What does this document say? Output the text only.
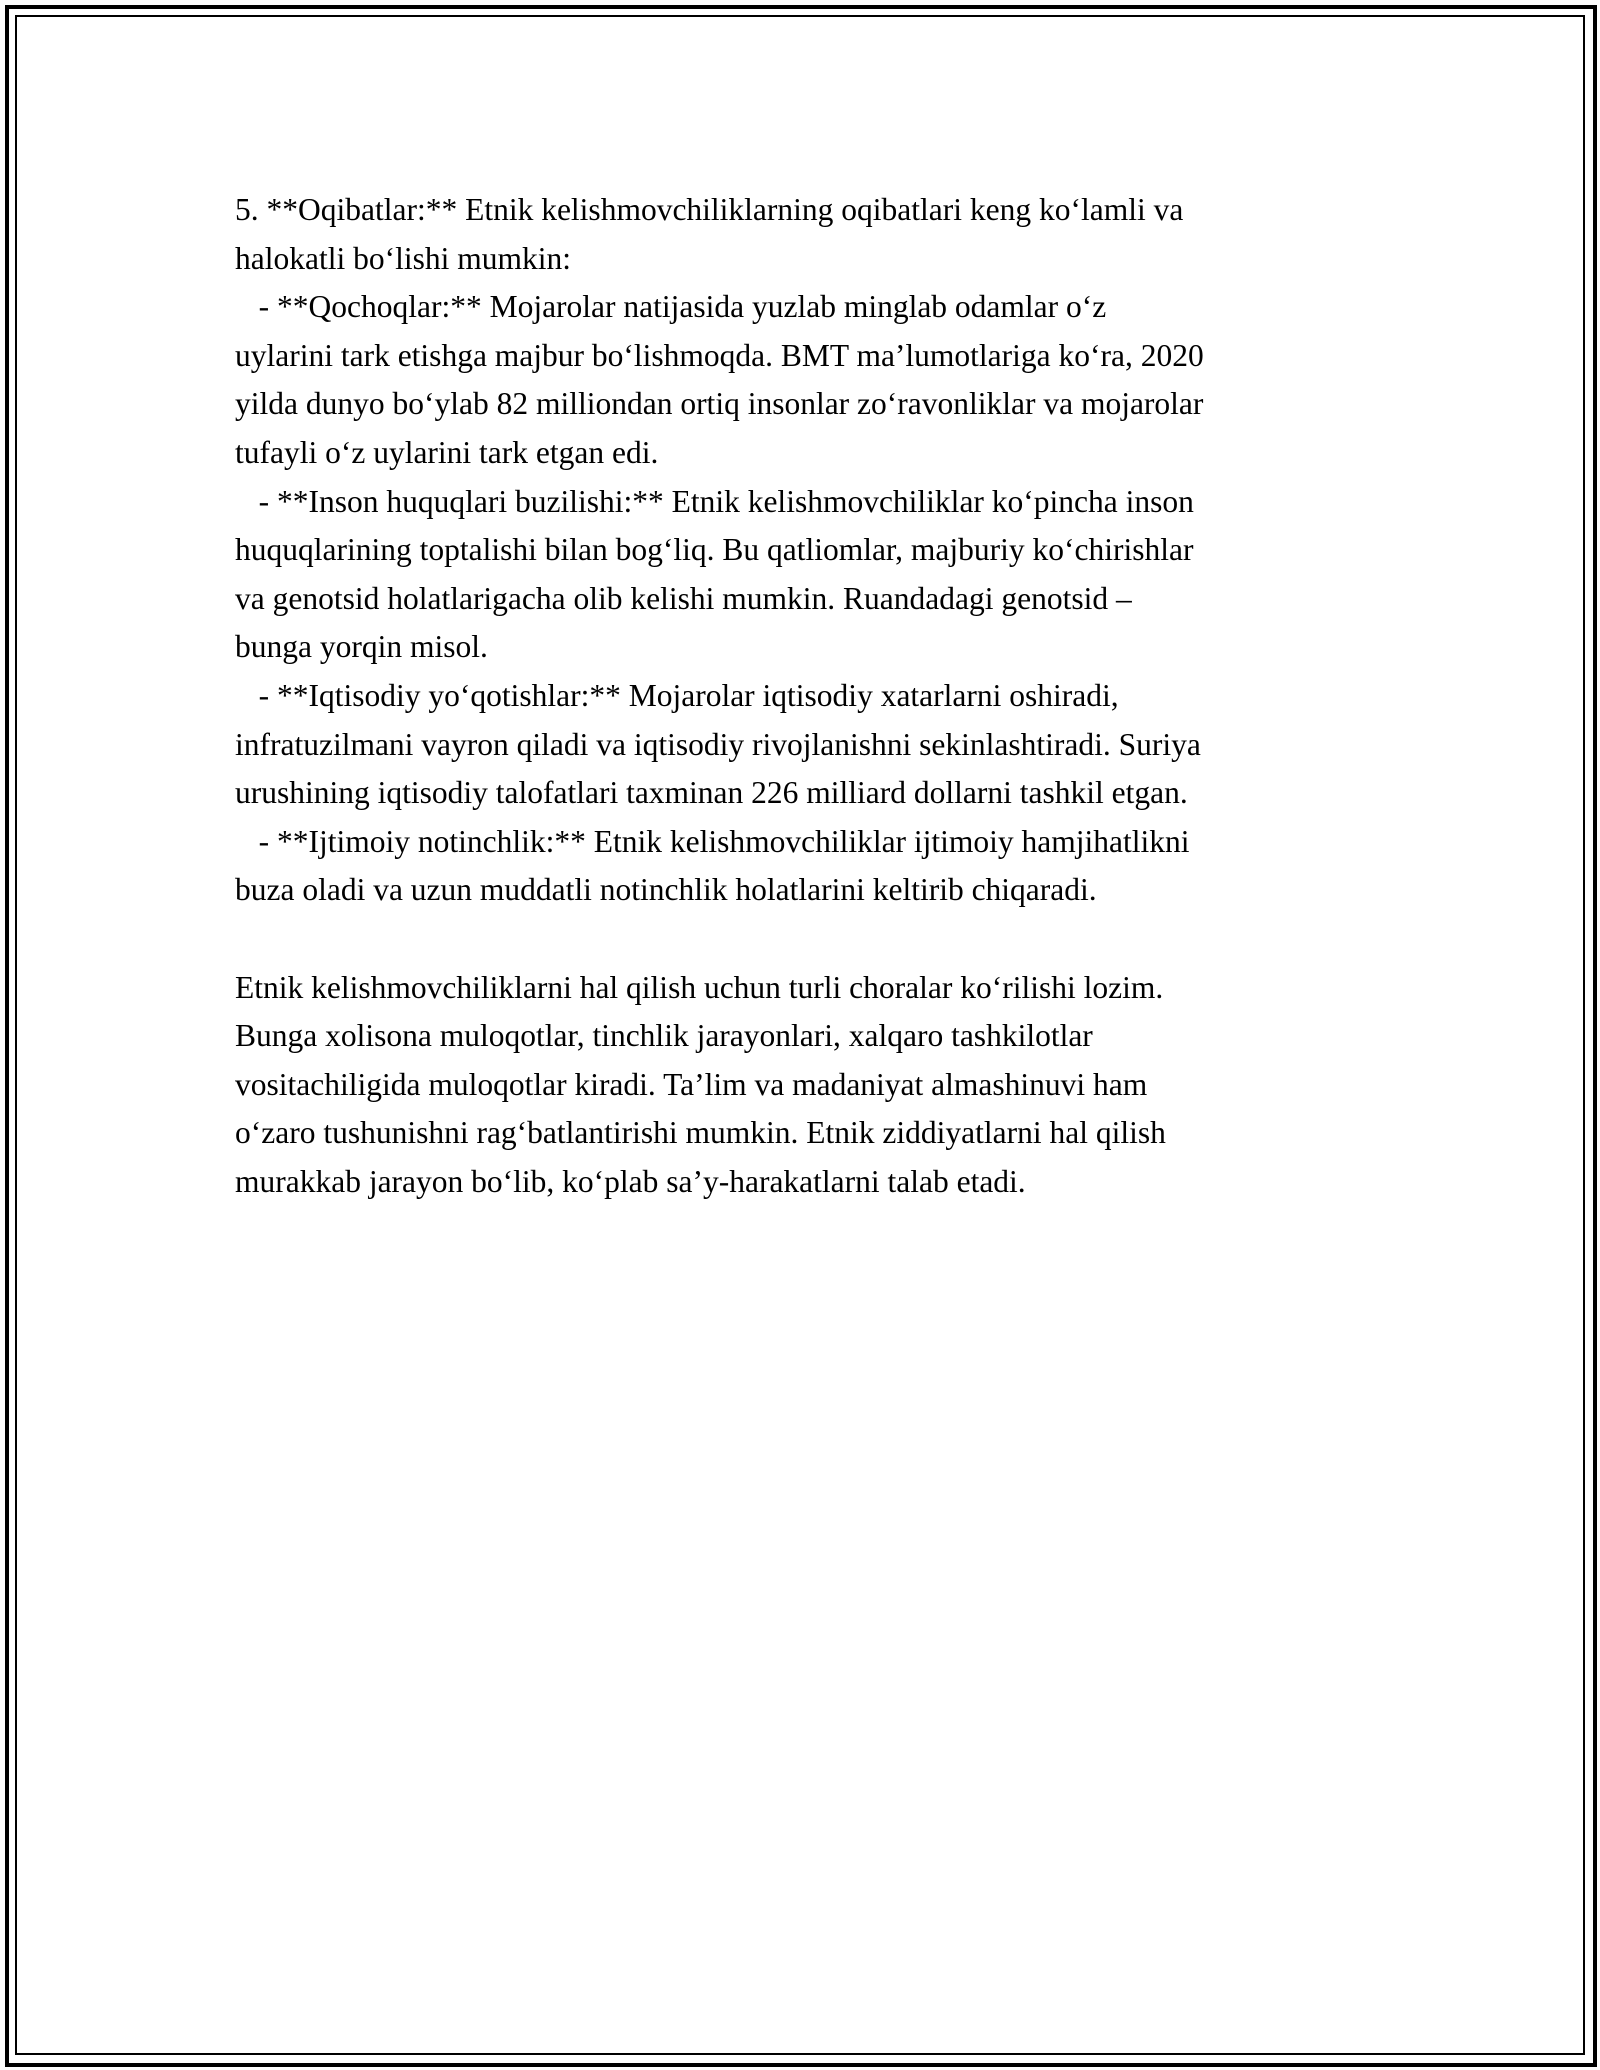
5. **Oqibatlar:** Etnik kelishmovchiliklarning oqibatlari keng koʻlamli va
halokatli boʻlishi mumkin:
- **Qochoqlar:** Mojarolar natijasida yuzlab minglab odamlar oʻz
uylarini tark etishga majbur boʻlishmoqda. BMT maʼlumotlariga koʻra, 2020
yilda dunyo boʻylab 82 milliondan ortiq insonlar zoʻravonliklar va mojarolar
tufayli oʻz uylarini tark etgan edi.
- **Inson huquqlari buzilishi:** Etnik kelishmovchiliklar koʻpincha inson
huquqlarining toptalishi bilan bogʻliq. Bu qatliomlar, majburiy koʻchirishlar
va genotsid holatlarigacha olib kelishi mumkin. Ruandadagi genotsid –
bunga yorqin misol.
- **Iqtisodiy yoʻqotishlar:** Mojarolar iqtisodiy xatarlarni oshiradi,
infratuzilmani vayron qiladi va iqtisodiy rivojlanishni sekinlashtiradi. Suriya
urushining iqtisodiy talofatlari taxminan 226 milliard dollarni tashkil etgan.
- **Ijtimoiy notinchlik:** Etnik kelishmovchiliklar ijtimoiy hamjihatlikni
buza oladi va uzun muddatli notinchlik holatlarini keltirib chiqaradi.

Etnik kelishmovchiliklarni hal qilish uchun turli choralar koʻrilishi lozim.
Bunga xolisona muloqotlar, tinchlik jarayonlari, xalqaro tashkilotlar
vositachiligida muloqotlar kiradi. Taʼlim va madaniyat almashinuvi ham
oʻzaro tushunishni ragʻbatlantirishi mumkin. Etnik ziddiyatlarni hal qilish
murakkab jarayon boʻlib, koʻplab saʼy-harakatlarni talab etadi.
